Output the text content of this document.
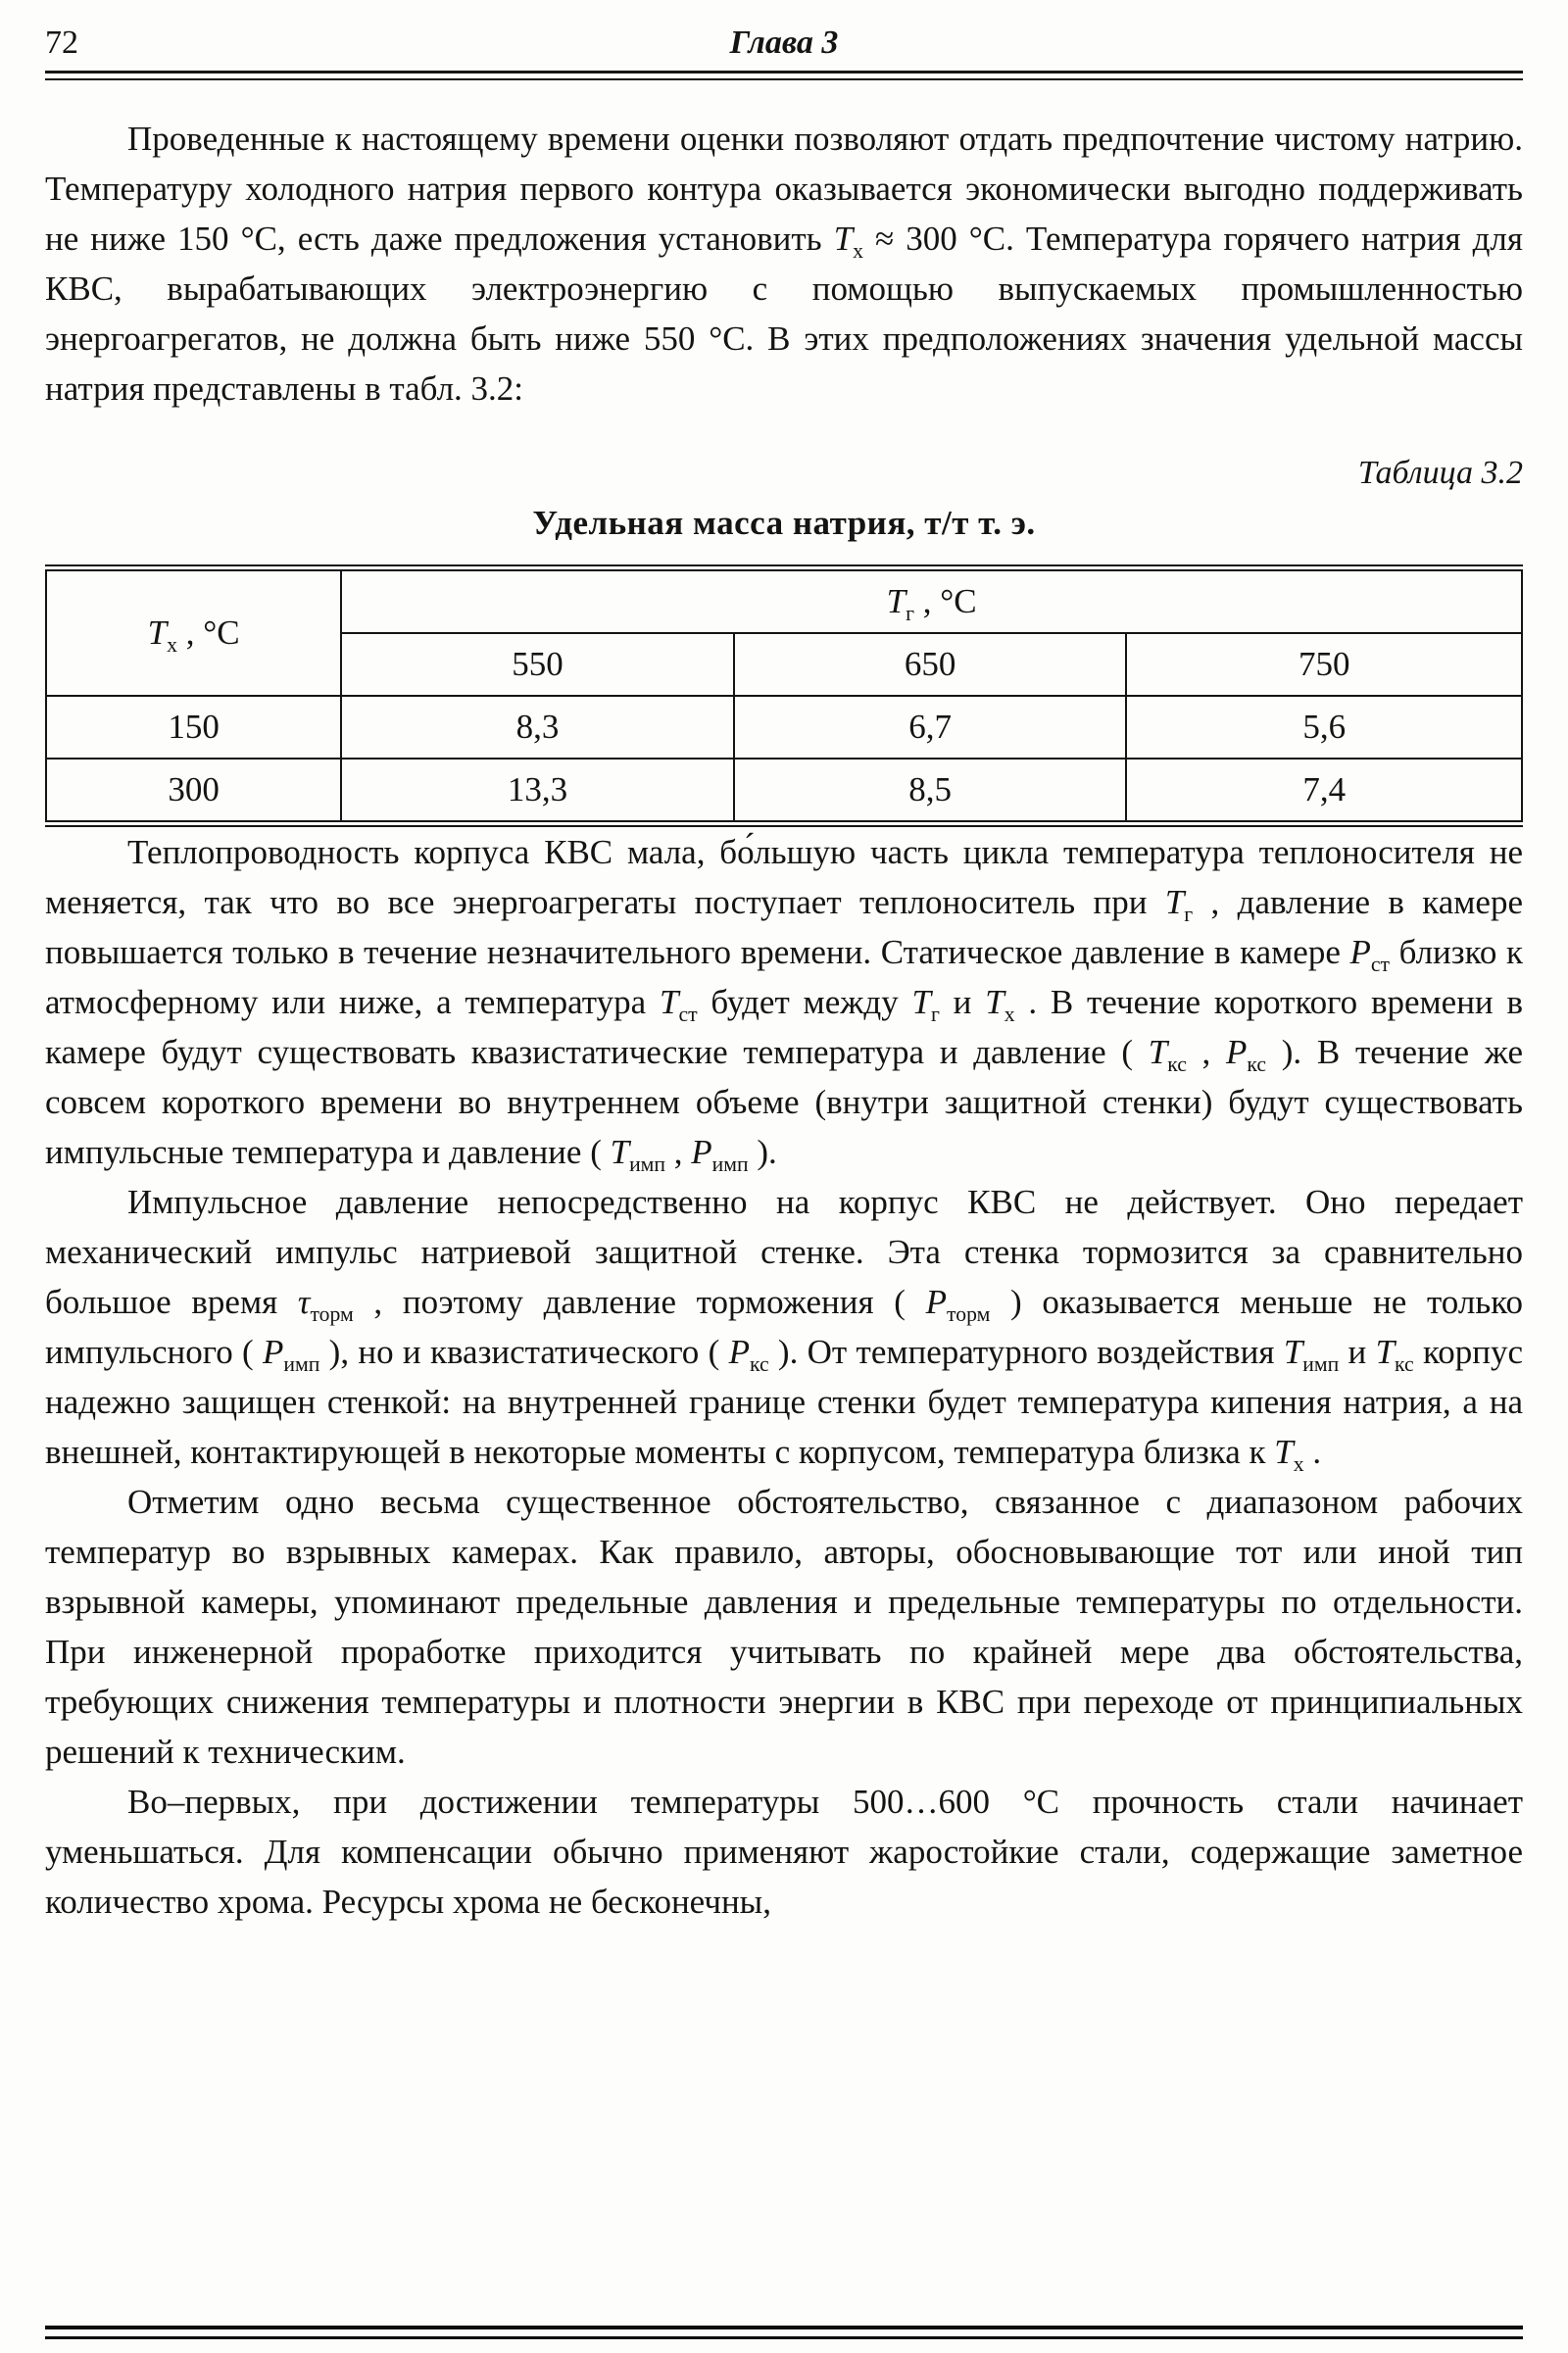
72	Глава 3

Проведенные к настоящему времени оценки позволяют отдать предпочтение чистому натрию. Температуру холодного натрия первого контура оказывается экономически выгодно поддерживать не ниже 150 °С, есть даже предложения установить $Т_х \approx 300$ °С. Температура горячего натрия для КВС, вырабатывающих электроэнергию с помощью выпускаемых промышленностью энергоагрегатов, не должна быть ниже 550 °С. В этих предположениях значения удельной массы натрия представлены в табл. 3.2:

Таблица 3.2
Удельная масса натрия, т/т т. э.
$Т_х$ , °С	$Т_г$ , °С		
	550	650	750
150	8,3	6,7	5,6
300	13,3	8,5	7,4

Теплопроводность корпуса КВС мала, бо́льшую часть цикла температура теплоносителя не меняется, так что во все энергоагрегаты поступает теплоноситель при $Т_г$ , давление в камере повышается только в течение незначительного времени. Статическое давление в камере $Р_{ст}$ близко к атмосферному или ниже, а температура $Т_{ст}$ будет между $Т_г$ и $Т_х$ . В течение короткого времени в камере будут существовать квазистатические температура и давление ( $Т_{кс}$ , $Р_{кс}$ ). В течение же совсем короткого времени во внутреннем объеме (внутри защитной стенки) будут существовать импульсные температура и давление ( $Т_{имп}$ , $Р_{имп}$ ).

Импульсное давление непосредственно на корпус КВС не действует. Оно передает механический импульс натриевой защитной стенке. Эта стенка тормозится за сравнительно большое время $\tau_{торм}$ , поэтому давление торможения ( $Р_{торм}$ ) оказывается меньше не только импульсного ( $Р_{имп}$ ), но и квазистатического ( $Р_{кс}$ ). От температурного воздействия $Т_{имп}$ и $Т_{кс}$ корпус надежно защищен стенкой: на внутренней границе стенки будет температура кипения натрия, а на внешней, контактирующей в некоторые моменты с корпусом, температура близка к $Т_х$ .

Отметим одно весьма существенное обстоятельство, связанное с диапазоном рабочих температур во взрывных камерах. Как правило, авторы, обосновывающие тот или иной тип взрывной камеры, упоминают предельные давления и предельные температуры по отдельности. При инженерной проработке приходится учитывать по крайней мере два обстоятельства, требующих снижения температуры и плотности энергии в КВС при переходе от принципиальных решений к техническим.

Во–первых, при достижении температуры 500…600 °С прочность стали начинает уменьшаться. Для компенсации обычно применяют жаростойкие стали, содержащие заметное количество хрома. Ресурсы хрома не бесконечны,
